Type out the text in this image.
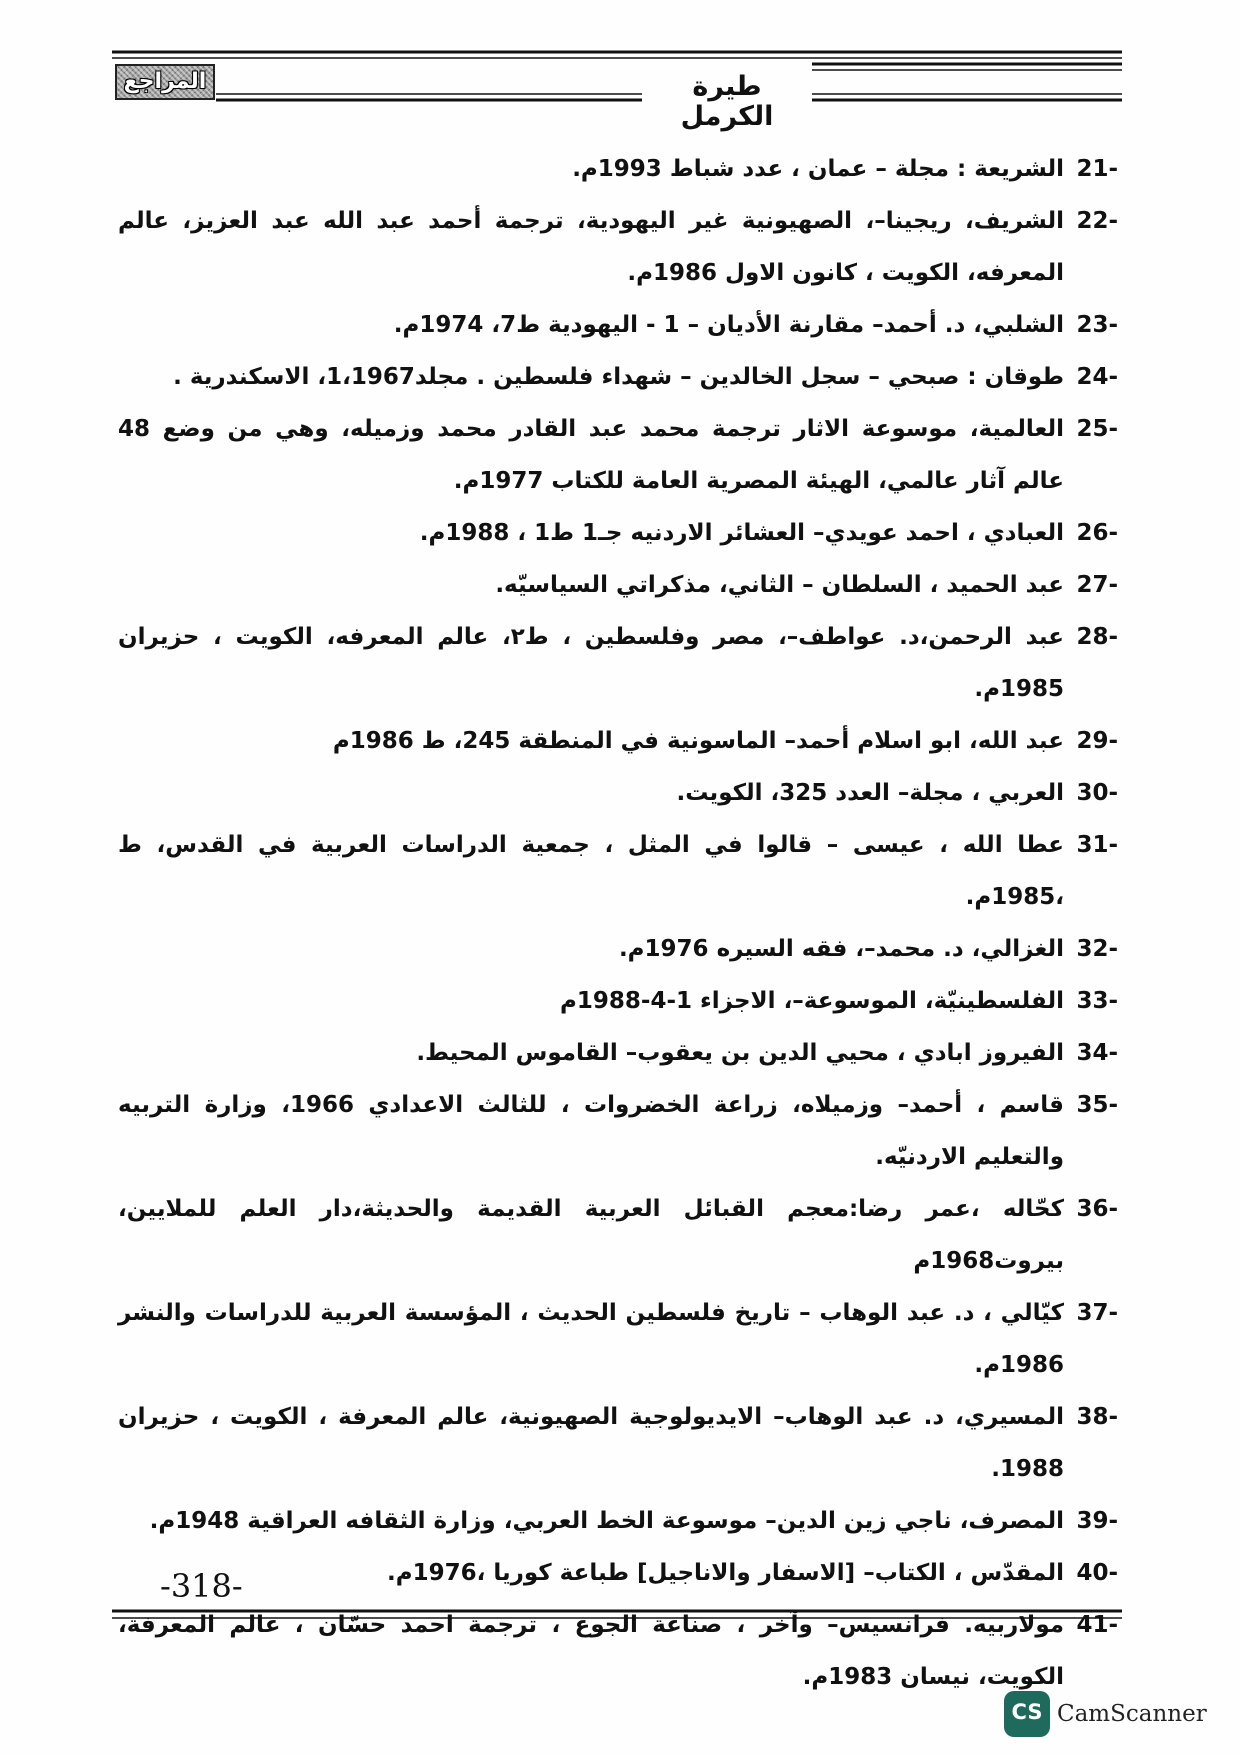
طيرة الكرمل
المراجع
21-
الشريعة : مجلة – عمان ، عدد شباط 1993م.
22-
الشريف، ريجينا–، الصهيونية غير اليهودية، ترجمة أحمد عبد الله عبد العزيز، عالم المعرفه، الكويت ، كانون الاول 1986م.
23-
الشلبي، د. أحمد– مقارنة الأديان – 1 - اليهودية ط7، 1974م.
24-
طوقان : صبحي – سجل الخالدين – شهداء فلسطين . مجلد1،1967، الاسكندرية .
25-
العالمية، موسوعة الاثار ترجمة محمد عبد القادر محمد وزميله، وهي من وضع 48 عالم آثار عالمي، الهيئة المصرية العامة للكتاب 1977م.
26-
العبادي ، احمد عويدي– العشائر الاردنيه جـ1 ط1 ، 1988م.
27-
عبد الحميد ، السلطان – الثاني، مذكراتي السياسيّه.
28-
عبد الرحمن،د. عواطف–، مصر وفلسطين ، ط٢، عالم المعرفه، الكويت ، حزيران 1985م.
29-
عبد الله، ابو اسلام أحمد– الماسونية في المنطقة 245، ط 1986م
30-
العربي ، مجلة– العدد 325، الكويت.
31-
عطا الله ، عيسى – قالوا في المثل ، جمعية الدراسات العربية في القدس، ط ،1985م.
32-
الغزالي، د. محمد–، فقه السيره 1976م.
33-
الفلسطينيّة، الموسوعة–، الاجزاء 1-4-1988م
34-
الفيروز ابادي ، محيي الدين بن يعقوب– القاموس المحيط.
35-
قاسم ، أحمد– وزميلاه، زراعة الخضروات ، للثالث الاعدادي 1966، وزارة التربيه والتعليم الاردنيّه.
36-
كحّاله ،عمر رضا:معجم القبائل العربية القديمة والحديثة،دار العلم للملايين، بيروت1968م
37-
كيّالي ، د. عبد الوهاب – تاريخ فلسطين الحديث ، المؤسسة العربية للدراسات والنشر 1986م.
38-
المسيري، د. عبد الوهاب– الايديولوجية الصهيونية، عالم المعرفة ، الكويت ، حزيران 1988.
39-
المصرف، ناجي زين الدين– موسوعة الخط العربي، وزارة الثقافه العراقية 1948م.
40-
المقدّس ، الكتاب– [الاسفار والاناجيل] طباعة كوريا ،1976م.
41-
مولاربيه. فرانسيس– وآخر ، صناعة الجوع ، ترجمة احمد حسّان ، عالم المعرفة، الكويت، نيسان 1983م.
-318-
CS CamScanner
